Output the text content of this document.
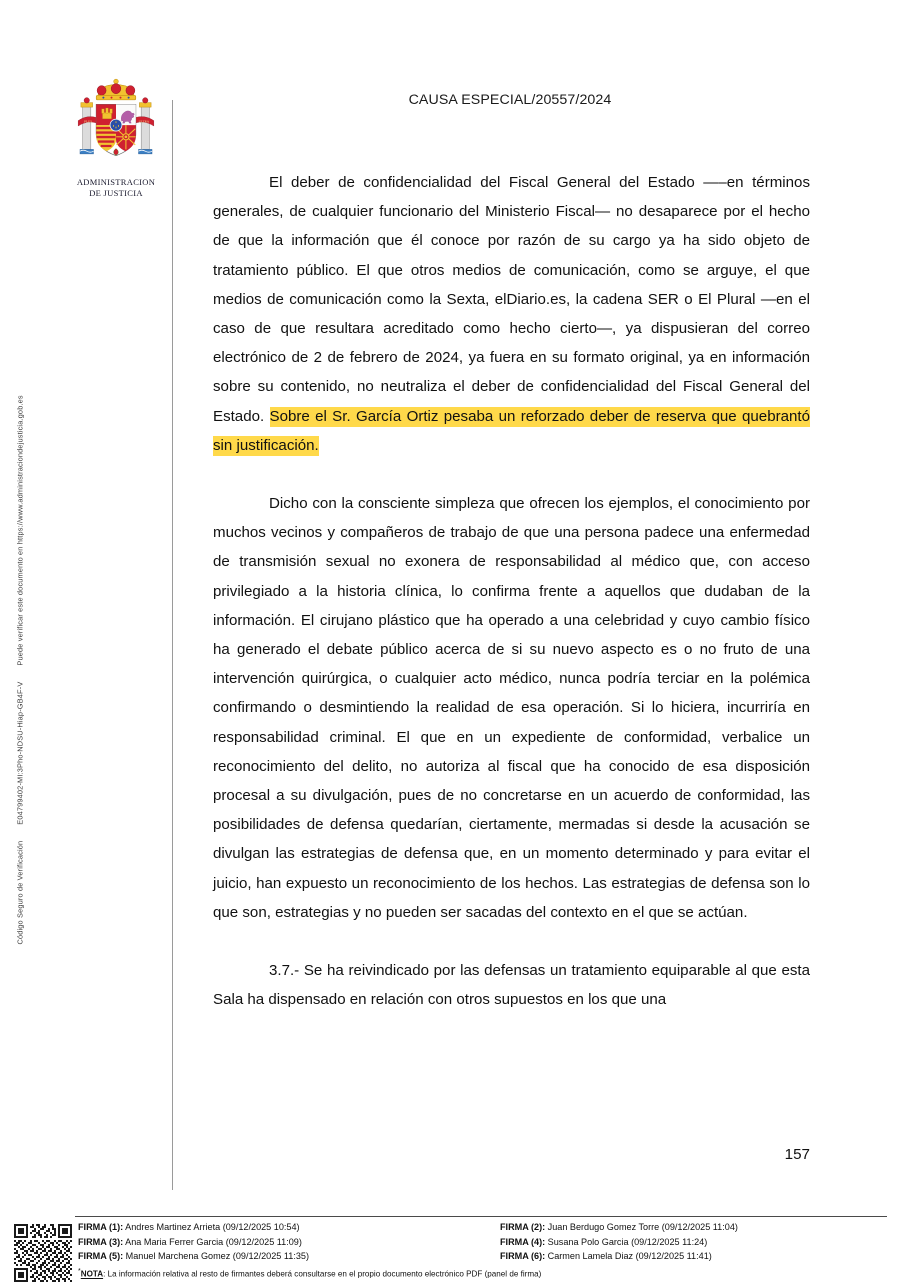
PLUS	ULTRA
ADMINISTRACION
DE JUSTICIA
CAUSA ESPECIAL/20557/2024

El deber de confidencialidad del Fiscal General del Estado —–en términos generales, de cualquier funcionario del Ministerio Fiscal— no desaparece por el hecho de que la información que él conoce por razón de su cargo ya ha sido objeto de tratamiento público. El que otros medios de comunicación, como se arguye, el que medios de comunicación como la Sexta, elDiario.es, la cadena SER o El Plural —en el caso de que resultara acreditado como hecho cierto—, ya dispusieran del correo electrónico de 2 de febrero de 2024, ya fuera en su formato original, ya en información sobre su contenido, no neutraliza el deber de confidencialidad del Fiscal General del Estado. Sobre el Sr. García Ortiz pesaba un reforzado deber de reserva que quebrantó sin justificación.

Dicho con la consciente simpleza que ofrecen los ejemplos, el conocimiento por muchos vecinos y compañeros de trabajo de que una persona padece una enfermedad de transmisión sexual no exonera de responsabilidad al médico que, con acceso privilegiado a la historia clínica, lo confirma frente a aquellos que dudaban de la información. El cirujano plástico que ha operado a una celebridad y cuyo cambio físico ha generado el debate público acerca de si su nuevo aspecto es o no fruto de una intervención quirúrgica, o cualquier acto médico, nunca podría terciar en la polémica confirmando o desmintiendo la realidad de esa operación. Si lo hiciera, incurriría en responsabilidad criminal. El que en un expediente de conformidad, verbalice un reconocimiento del delito, no autoriza al fiscal que ha conocido de esa disposición procesal a su divulgación, pues de no concretarse en un acuerdo de conformidad, las posibilidades de defensa quedarían, ciertamente, mermadas si desde la acusación se divulgan las estrategias de defensa que, en un momento determinado y para evitar el juicio, han expuesto un reconocimiento de los hechos. Las estrategias de defensa son lo que son, estrategias y no pueden ser sacadas del contexto en el que se actúan.

3.7.- Se ha reivindicado por las defensas un tratamiento equiparable al que esta Sala ha dispensado en relación con otros supuestos en los que una

157
Código Seguro de VerificaciónE04799402-MI:3Pho-NDSU-Hiap-GB4F-VPuede verificar este documento en https://www.administraciondejusticia.gob.es
FIRMA (1): Andres Martinez Arrieta (09/12/2025 10:54)	FIRMA (2): Juan Berdugo Gomez Torre (09/12/2025 11:04)
FIRMA (3): Ana Maria Ferrer Garcia (09/12/2025 11:09)	FIRMA (4): Susana Polo Garcia (09/12/2025 11:24)
FIRMA (5): Manuel Marchena Gomez (09/12/2025 11:35)	FIRMA (6): Carmen Lamela Diaz (09/12/2025 11:41)
*NOTA: La información relativa al resto de firmantes deberá consultarse en el propio documento electrónico PDF (panel de firma)
